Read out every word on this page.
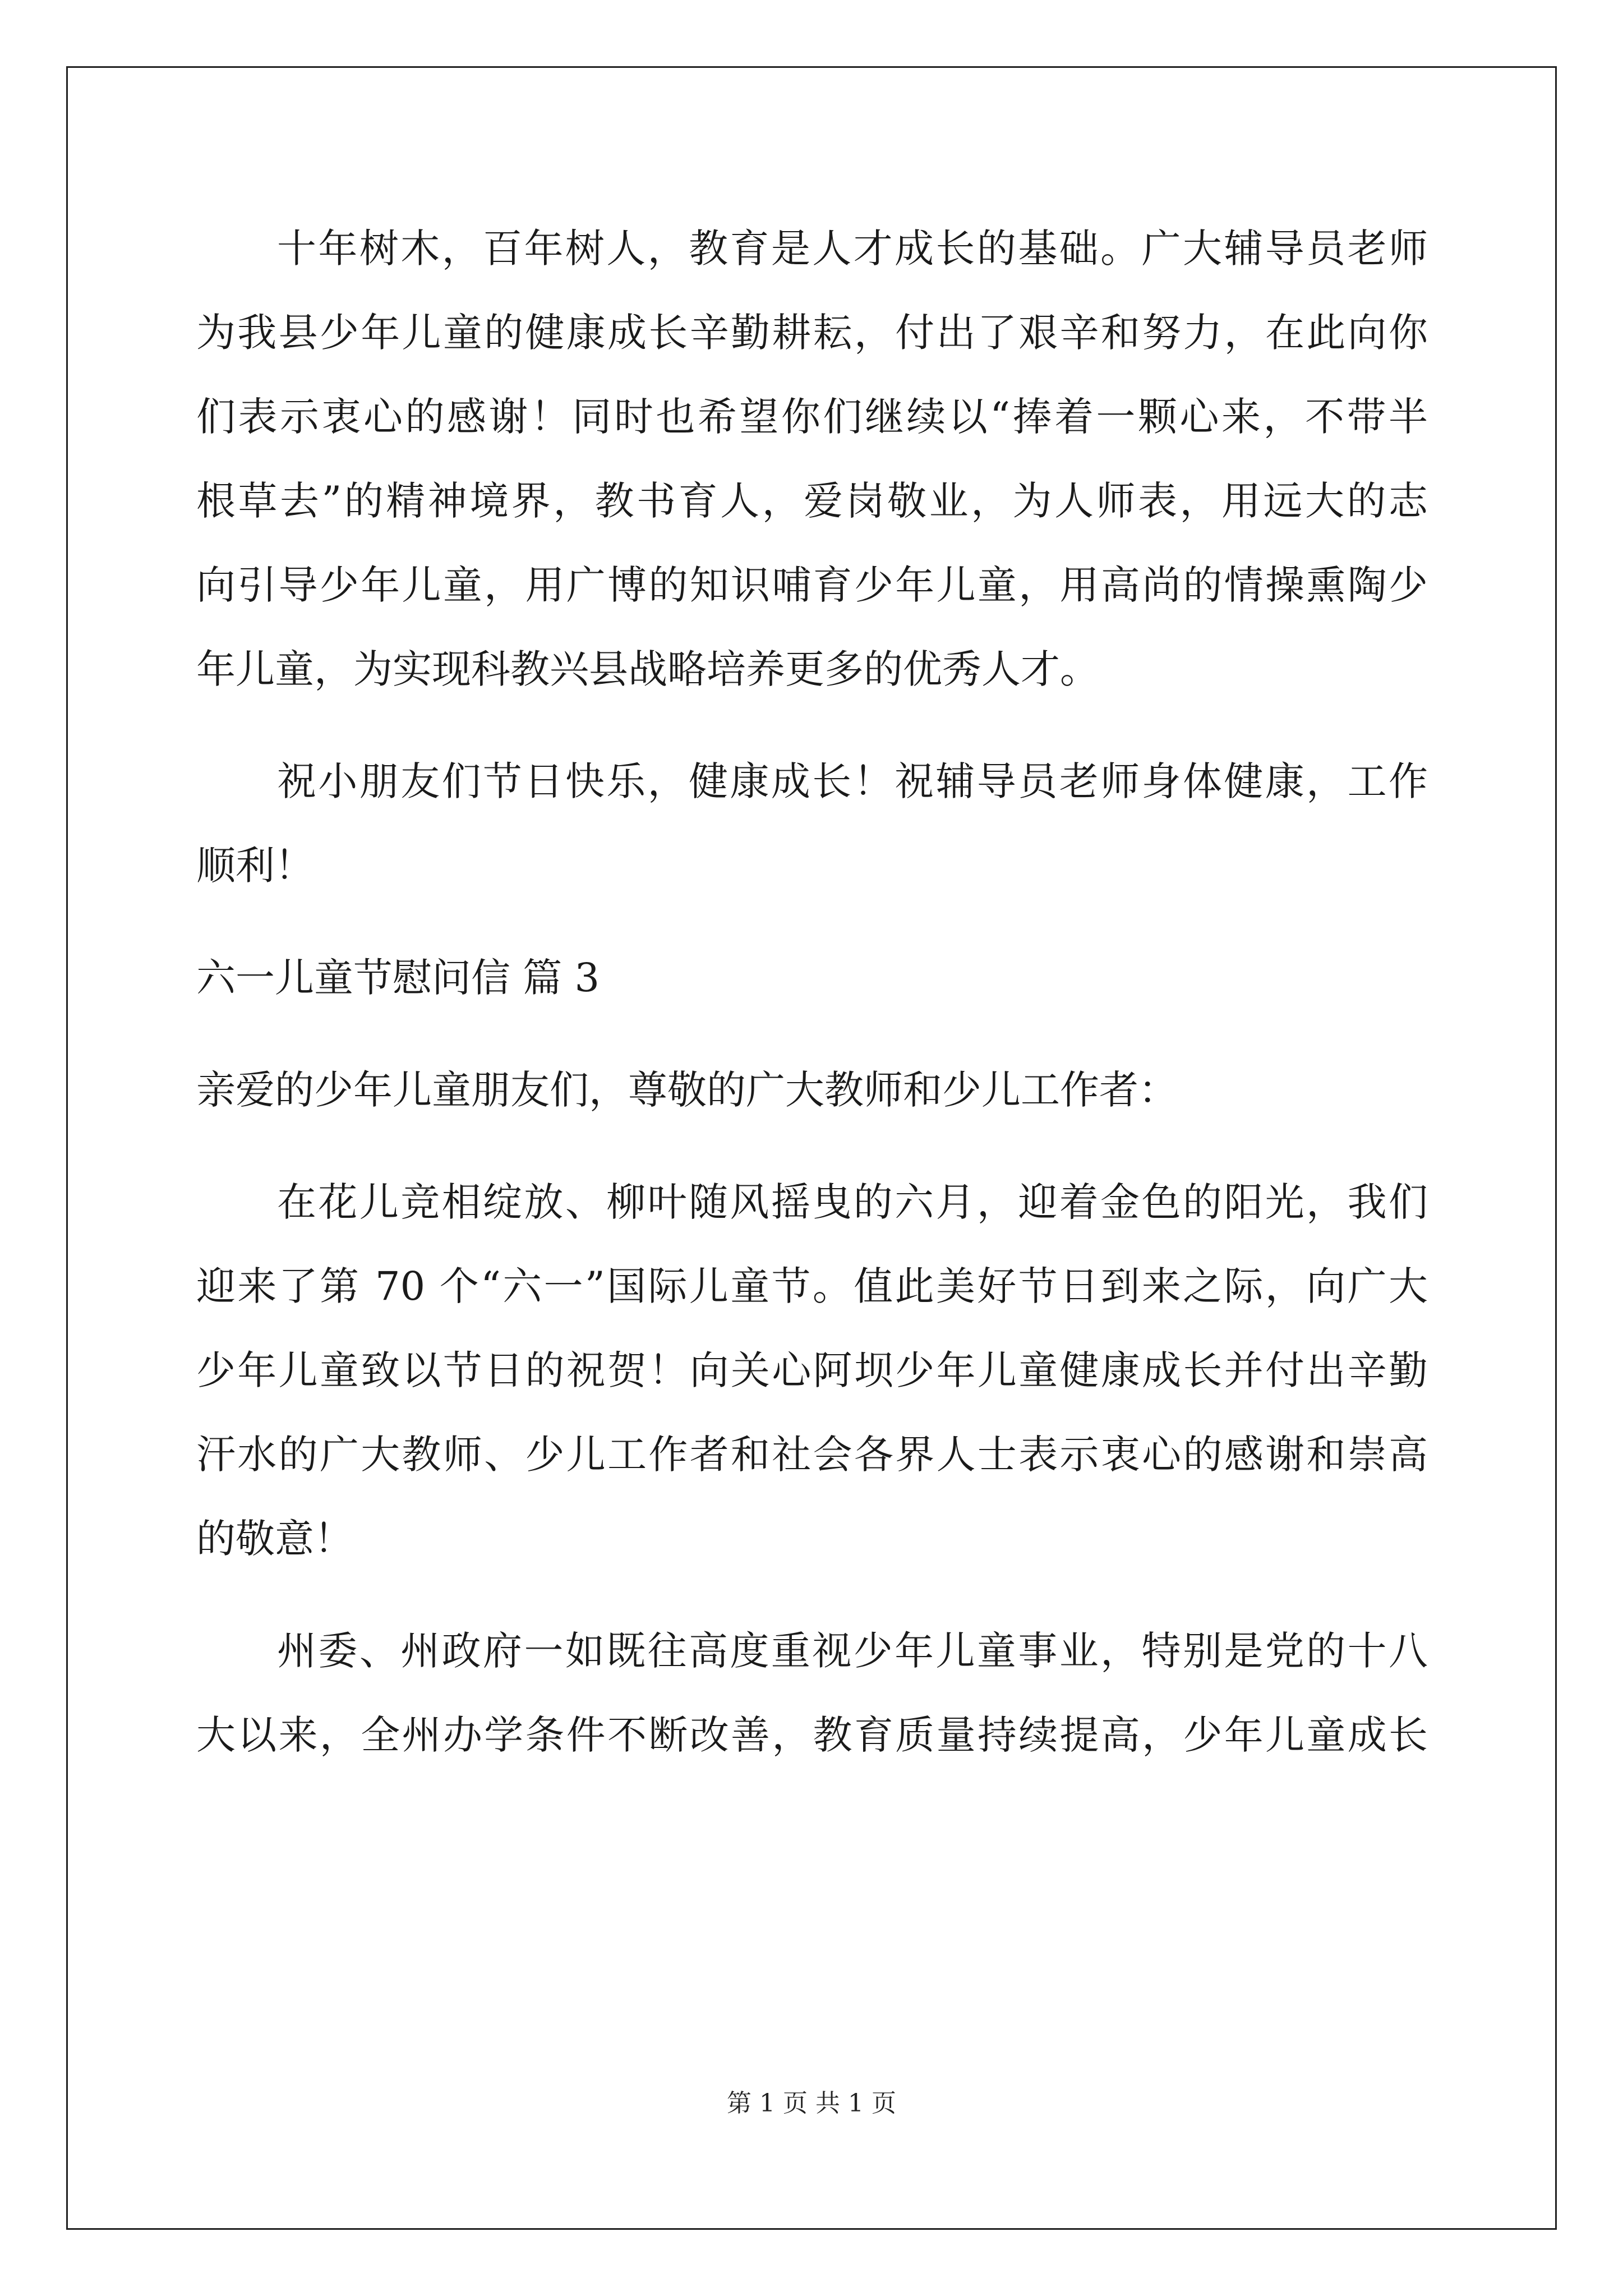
十年树木，百年树人，教育是人才成长的基础。广大辅导员老师
为我县少年儿童的健康成长辛勤耕耘，付出了艰辛和努力，在此向你
们表示衷心的感谢！同时也希望你们继续以“捧着一颗心来，不带半
根草去”的精神境界，教书育人，爱岗敬业，为人师表，用远大的志
向引导少年儿童，用广博的知识哺育少年儿童，用高尚的情操熏陶少
年儿童，为实现科教兴县战略培养更多的优秀人才。
祝小朋友们节日快乐，健康成长！祝辅导员老师身体健康，工作
顺利！
六一儿童节慰问信 篇 3
亲爱的少年儿童朋友们，尊敬的广大教师和少儿工作者：
在花儿竞相绽放、柳叶随风摇曳的六月，迎着金色的阳光，我们
迎来了第 70 个“六一”国际儿童节。值此美好节日到来之际，向广大
少年儿童致以节日的祝贺！向关心阿坝少年儿童健康成长并付出辛勤
汗水的广大教师、少儿工作者和社会各界人士表示衷心的感谢和崇高
的敬意！
州委、州政府一如既往高度重视少年儿童事业，特别是党的十八
大以来，全州办学条件不断改善，教育质量持续提高，少年儿童成长
第 1 页 共 1 页
